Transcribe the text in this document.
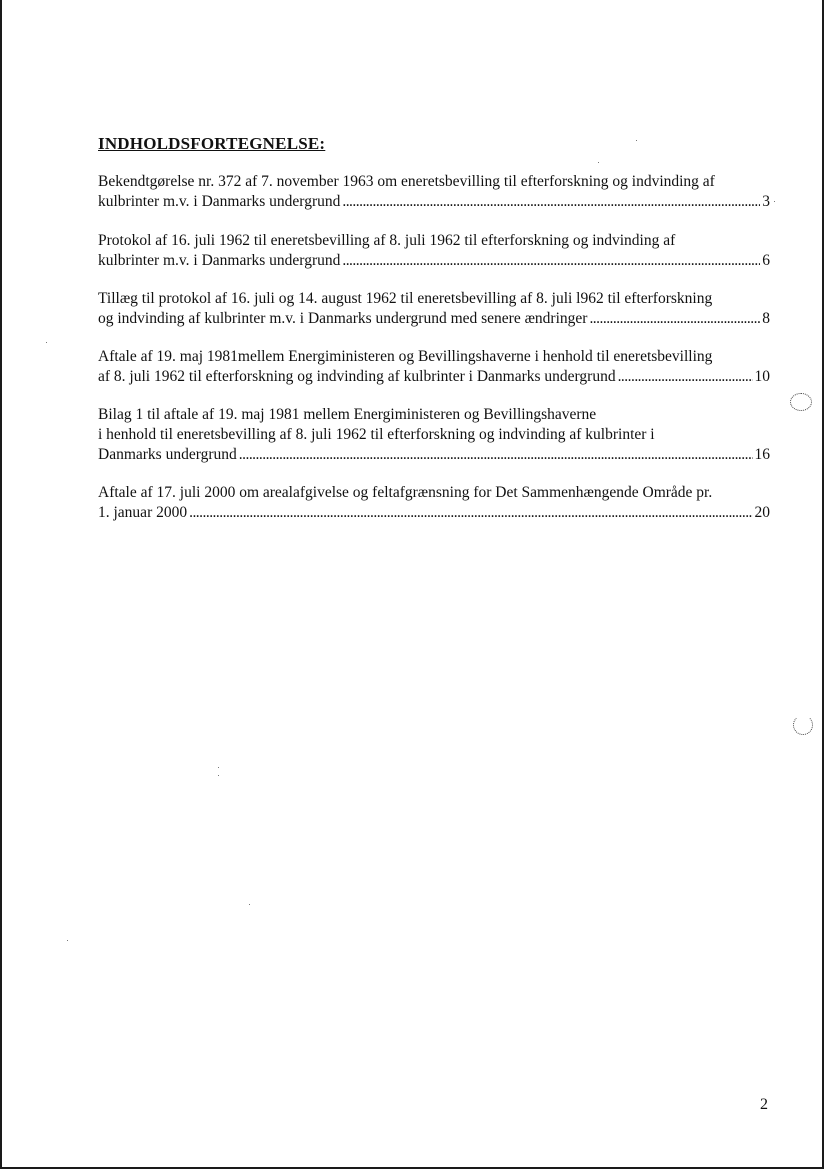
INDHOLDSFORTEGNELSE:
Bekendtgørelse nr. 372 af 7. november 1963 om eneretsbevilling til efterforskning og indvinding af
kulbrinter m.v. i Danmarks undergrund . . .	3
Protokol af 16. juli 1962 til eneretsbevilling af 8. juli 1962 til efterforskning og indvinding af
kulbrinter m.v. i Danmarks undergrund . . .	6
Tillæg til protokol af 16. juli og 14. august 1962 til eneretsbevilling af 8. juli l962 til efterforskning
og indvinding af kulbrinter m.v. i Danmarks undergrund med senere ændringer . . .	8
Aftale af 19. maj 1981mellem Energiministeren og Bevillingshaverne i henhold til eneretsbevilling
af 8. juli 1962 til efterforskning og indvinding af kulbrinter i Danmarks undergrund . . .	10
Bilag 1 til aftale af 19. maj 1981 mellem Energiministeren og Bevillingshaverne
i henhold til eneretsbevilling af 8. juli 1962 til efterforskning og indvinding af kulbrinter i
Danmarks undergrund . . .	16
Aftale af 17. juli 2000 om arealafgivelse og feltafgrænsning for Det Sammenhængende Område pr.
1. januar 2000 . . .	20
2
